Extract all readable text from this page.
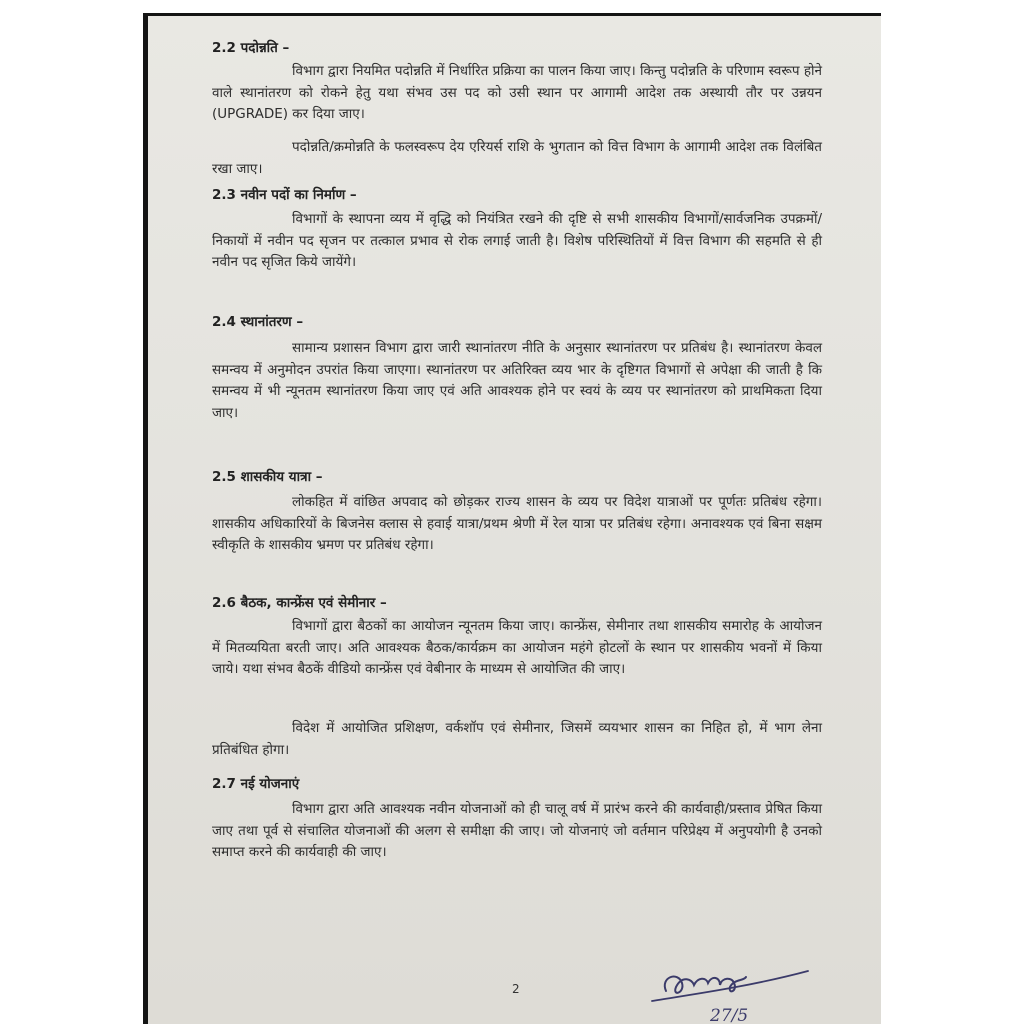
2.2 पदोन्नति –
विभाग द्वारा नियमित पदोन्नति में निर्धारित प्रक्रिया का पालन किया जाए। किन्तु पदोन्नति के परिणाम स्वरूप होने वाले स्थानांतरण को रोकने हेतु यथा संभव उस पद को उसी स्थान पर आगामी आदेश तक अस्थायी तौर पर उन्नयन (UPGRADE) कर दिया जाए।
पदोन्नति/क्रमोन्नति के फलस्वरूप देय एरियर्स राशि के भुगतान को वित्त विभाग के आगामी आदेश तक विलंबित रखा जाए।
2.3 नवीन पदों का निर्माण –
विभागों के स्थापना व्यय में वृद्धि को नियंत्रित रखने की दृष्टि से सभी शासकीय विभागों/सार्वजनिक उपक्रमों/निकायों में नवीन पद सृजन पर तत्काल प्रभाव से रोक लगाई जाती है। विशेष परिस्थितियों में वित्त विभाग की सहमति से ही नवीन पद सृजित किये जायेंगे।
2.4 स्थानांतरण –
सामान्य प्रशासन विभाग द्वारा जारी स्थानांतरण नीति के अनुसार स्थानांतरण पर प्रतिबंध है। स्थानांतरण केवल समन्वय में अनुमोदन उपरांत किया जाएगा। स्थानांतरण पर अतिरिक्त व्यय भार के दृष्टिगत विभागों से अपेक्षा की जाती है कि समन्वय में भी न्यूनतम स्थानांतरण किया जाए एवं अति आवश्यक होने पर स्वयं के व्यय पर स्थानांतरण को प्राथमिकता दिया जाए।
2.5 शासकीय यात्रा –
लोकहित में वांछित अपवाद को छोड़कर राज्य शासन के व्यय पर विदेश यात्राओं पर पूर्णतः प्रतिबंध रहेगा। शासकीय अधिकारियों के बिजनेस क्लास से हवाई यात्रा/प्रथम श्रेणी में रेल यात्रा पर प्रतिबंध रहेगा। अनावश्यक एवं बिना सक्षम स्वीकृति के शासकीय भ्रमण पर प्रतिबंध रहेगा।
2.6 बैठक, कान्फ्रेंस एवं सेमीनार –
विभागों द्वारा बैठकों का आयोजन न्यूनतम किया जाए। कान्फ्रेंस, सेमीनार तथा शासकीय समारोह के आयोजन में मितव्ययिता बरती जाए। अति आवश्यक बैठक/कार्यक्रम का आयोजन महंगे होटलों के स्थान पर शासकीय भवनों में किया जाये। यथा संभव बैठकें वीडियो कान्फ्रेंस एवं वेबीनार के माध्यम से आयोजित की जाए।
विदेश में आयोजित प्रशिक्षण, वर्कशॉप एवं सेमीनार, जिसमें व्ययभार शासन का निहित हो, में भाग लेना प्रतिबंधित होगा।
2.7 नई योजनाएं
विभाग द्वारा अति आवश्यक नवीन योजनाओं को ही चालू वर्ष में प्रारंभ करने की कार्यवाही/प्रस्ताव प्रेषित किया जाए तथा पूर्व से संचालित योजनाओं की अलग से समीक्षा की जाए। जो योजनाएं जो वर्तमान परिप्रेक्ष्य में अनुपयोगी है उनको समाप्त करने की कार्यवाही की जाए।
2
27/5
